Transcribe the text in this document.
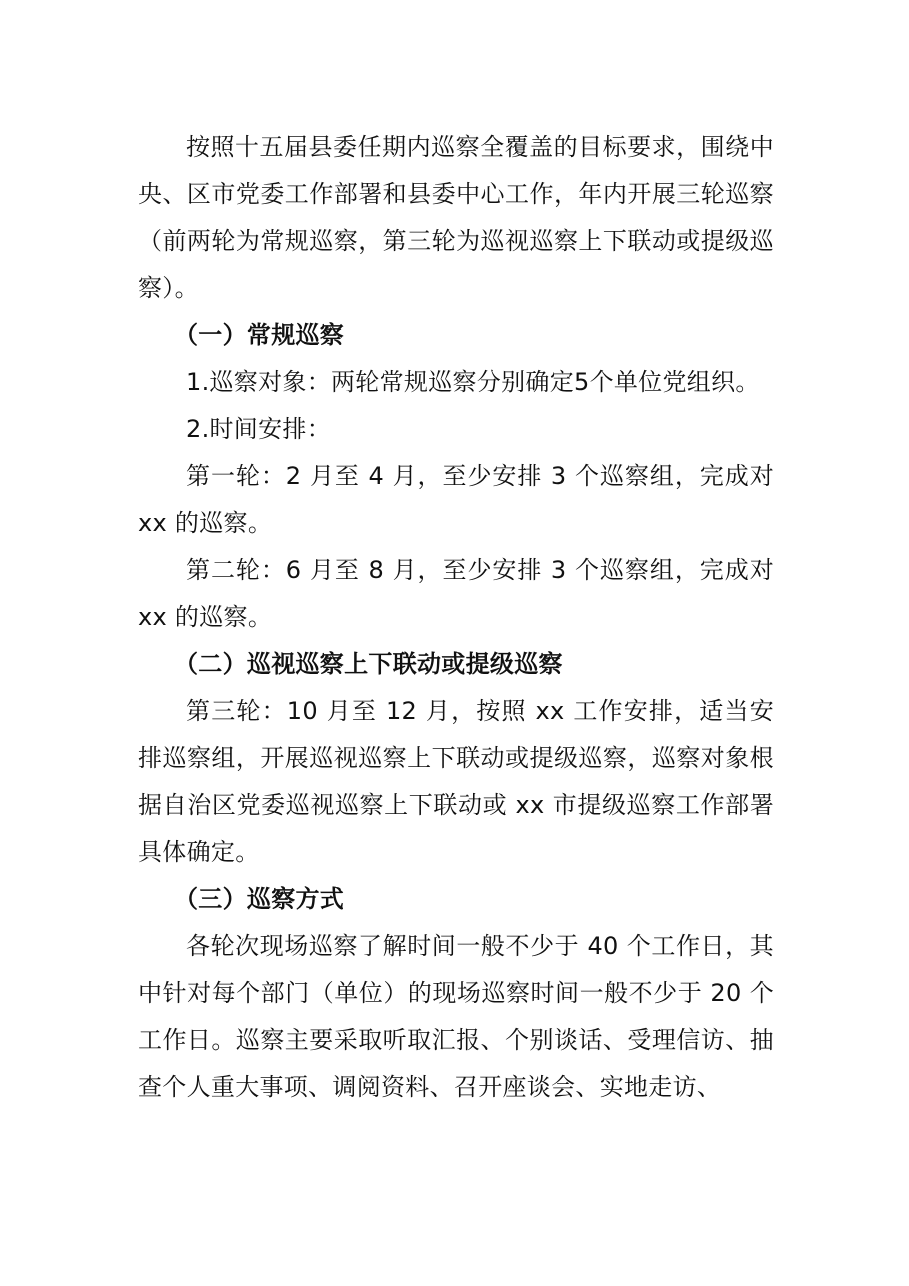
按照十五届县委任期内巡察全覆盖的目标要求，围绕中央、区市党委工作部署和县委中心工作，年内开展三轮巡察（前两轮为常规巡察，第三轮为巡视巡察上下联动或提级巡察）。

（一）常规巡察

1.巡察对象：两轮常规巡察分别确定5个单位党组织。

2.时间安排：

第一轮：2 月至 4 月，至少安排 3 个巡察组，完成对 xx 的巡察。

第二轮：6 月至 8 月，至少安排 3 个巡察组，完成对 xx 的巡察。

（二）巡视巡察上下联动或提级巡察

第三轮：10 月至 12 月，按照 xx 工作安排，适当安排巡察组，开展巡视巡察上下联动或提级巡察，巡察对象根据自治区党委巡视巡察上下联动或 xx 市提级巡察工作部署具体确定。

（三）巡察方式

各轮次现场巡察了解时间一般不少于 40 个工作日，其中针对每个部门（单位）的现场巡察时间一般不少于 20 个工作日。巡察主要采取听取汇报、个别谈话、受理信访、抽查个人重大事项、调阅资料、召开座谈会、实地走访、
